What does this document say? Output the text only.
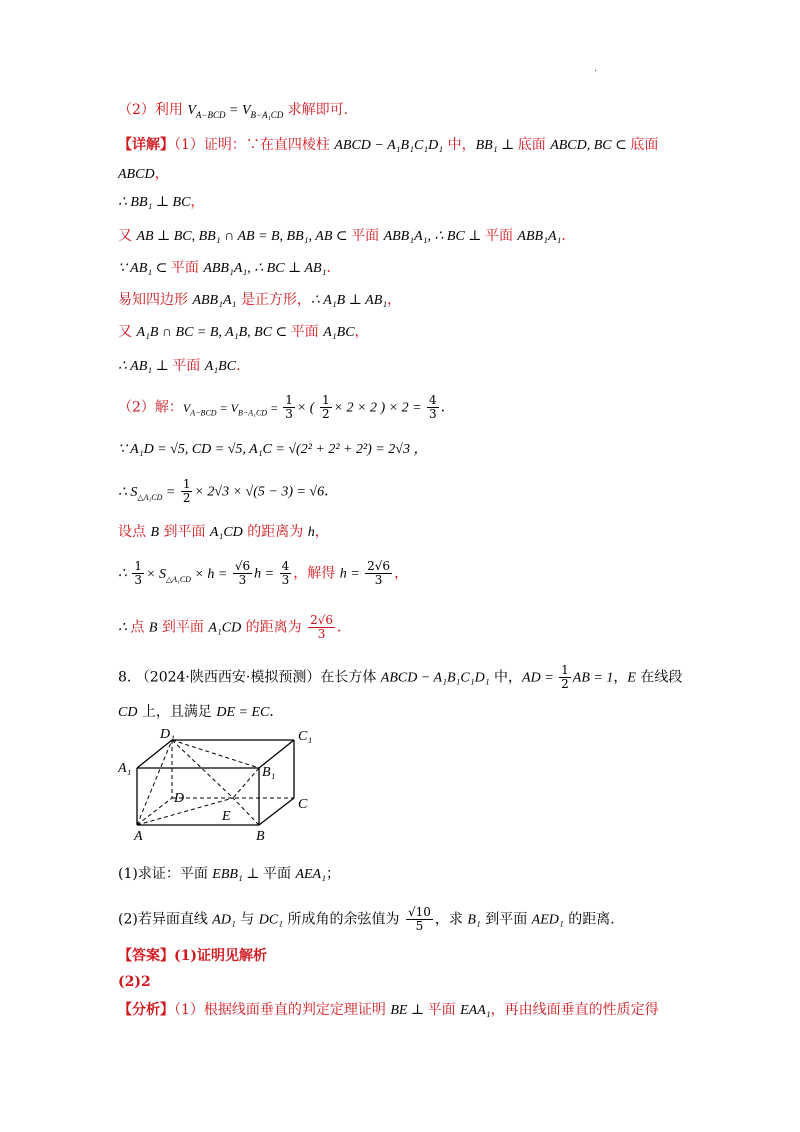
.
（2）利用 $V_{A-BCD} = V_{B-A_1CD}$ 求解即可.
【详解】（1）证明：∵在直四棱柱 ABCD − A₁B₁C₁D₁ 中，BB₁ ⊥ 底面 ABCD, BC ⊂ 底面
ABCD，
∴ BB₁ ⊥ BC，
又 AB ⊥ BC, BB₁ ∩ AB = B, BB₁, AB ⊂ 平面 ABB₁A₁, ∴ BC ⊥ 平面 ABB₁A₁．
∵ AB₁ ⊂ 平面 ABB₁A₁, ∴ BC ⊥ AB₁．
易知四边形 ABB₁A₁ 是正方形，∴ A₁B ⊥ AB₁，
又 A₁B ∩ BC = B, A₁B, BC ⊂ 平面 A₁BC，
∴ AB₁ ⊥ 平面 A₁BC．
（2）解：$V_{A-BCD} = V_{B-A_1CD} = \frac{1}{3}$ × ( $\frac{1}{2} \times 2 \times 2$ ) × $2 = \frac{4}{3}$ ．
∵ A₁D = √5, CD = √5, A₁C = √(2² + 2² + 2²) = 2√3 ，
∴ $S_{\triangle A_1CD} = \frac{1}{2} \times 2√3 \times √(5 - 3) = √6$．
设点 B 到平面 A₁CD 的距离为 h，
∴ $\frac{1}{3} \times S_{\triangle A_1CD} \times h = \frac{√6}{3}$ $h = \frac{4}{3}$ ，解得 $h = \frac{2√6}{3}$ ，
∴ 点 B 到平面 A₁CD 的距离为 $\frac{2√6}{3}$ ．
8. （2024·陕西西安·模拟预测）在长方体 ABCD − A₁B₁C₁D₁ 中，AD = $\frac{1}{2}$ AB = 1，E 在线段
CD 上，且满足 DE = EC．
D₁	C₁
A₁	B₁
D	C
E
A	B
(1)求证：平面 EBB₁ ⊥ 平面 AEA₁；
(2)若异面直线 AD₁ 与 DC₁ 所成角的余弦值为 $\frac{√10}{5}$ ，求 B₁ 到平面 AED₁ 的距离.
【答案】(1)证明见解析
(2)2
【分析】（1）根据线面垂直的判定定理证明 BE ⊥ 平面 EAA₁，再由线面垂直的性质定得
